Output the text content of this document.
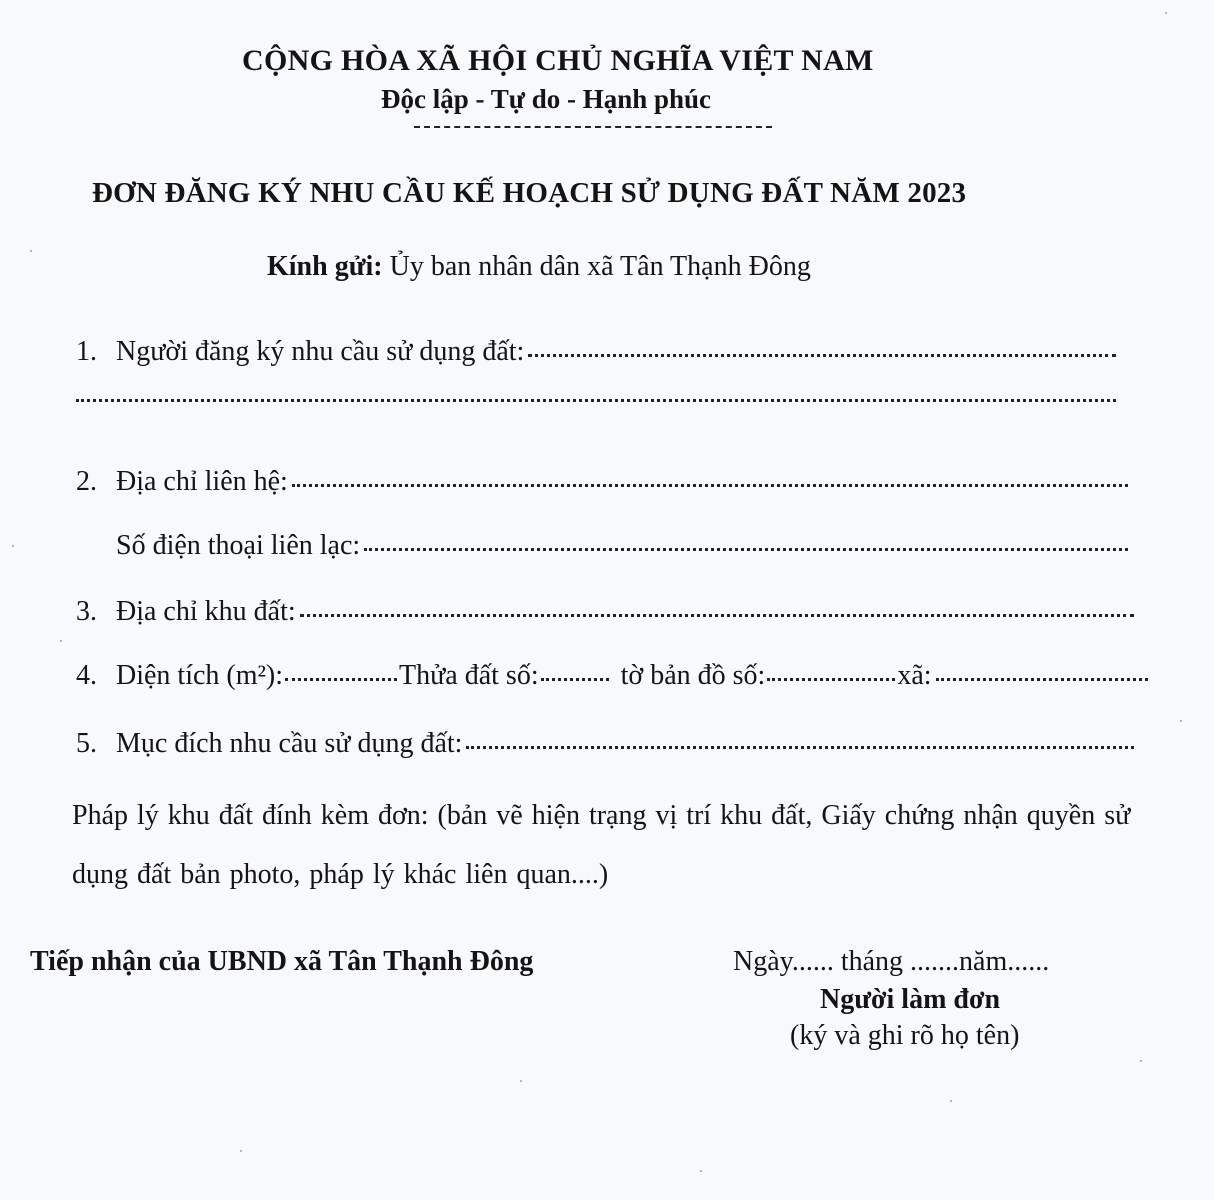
CỘNG HÒA XÃ HỘI CHỦ NGHĨA VIỆT NAM
Độc lập - Tự do - Hạnh phúc
ĐƠN ĐĂNG KÝ NHU CẦU KẾ HOẠCH SỬ DỤNG ĐẤT NĂM 2023
Kính gửi: Ủy ban nhân dân xã Tân Thạnh Đông
1. Người đăng ký nhu cầu sử dụng đất:
2. Địa chỉ liên hệ:
Số điện thoại liên lạc:
3. Địa chỉ khu đất:
4. Diện tích (m²):	Thửa đất số:	tờ bản đồ số:	xã:
5. Mục đích nhu cầu sử dụng đất:
Pháp lý khu đất đính kèm đơn: (bản vẽ hiện trạng vị trí khu đất, Giấy chứng nhận quyền sử dụng đất bản photo, pháp lý khác liên quan....)
Tiếp nhận của UBND xã Tân Thạnh Đông	Ngày...... tháng .......năm......
Người làm đơn
(ký và ghi rõ họ tên)
